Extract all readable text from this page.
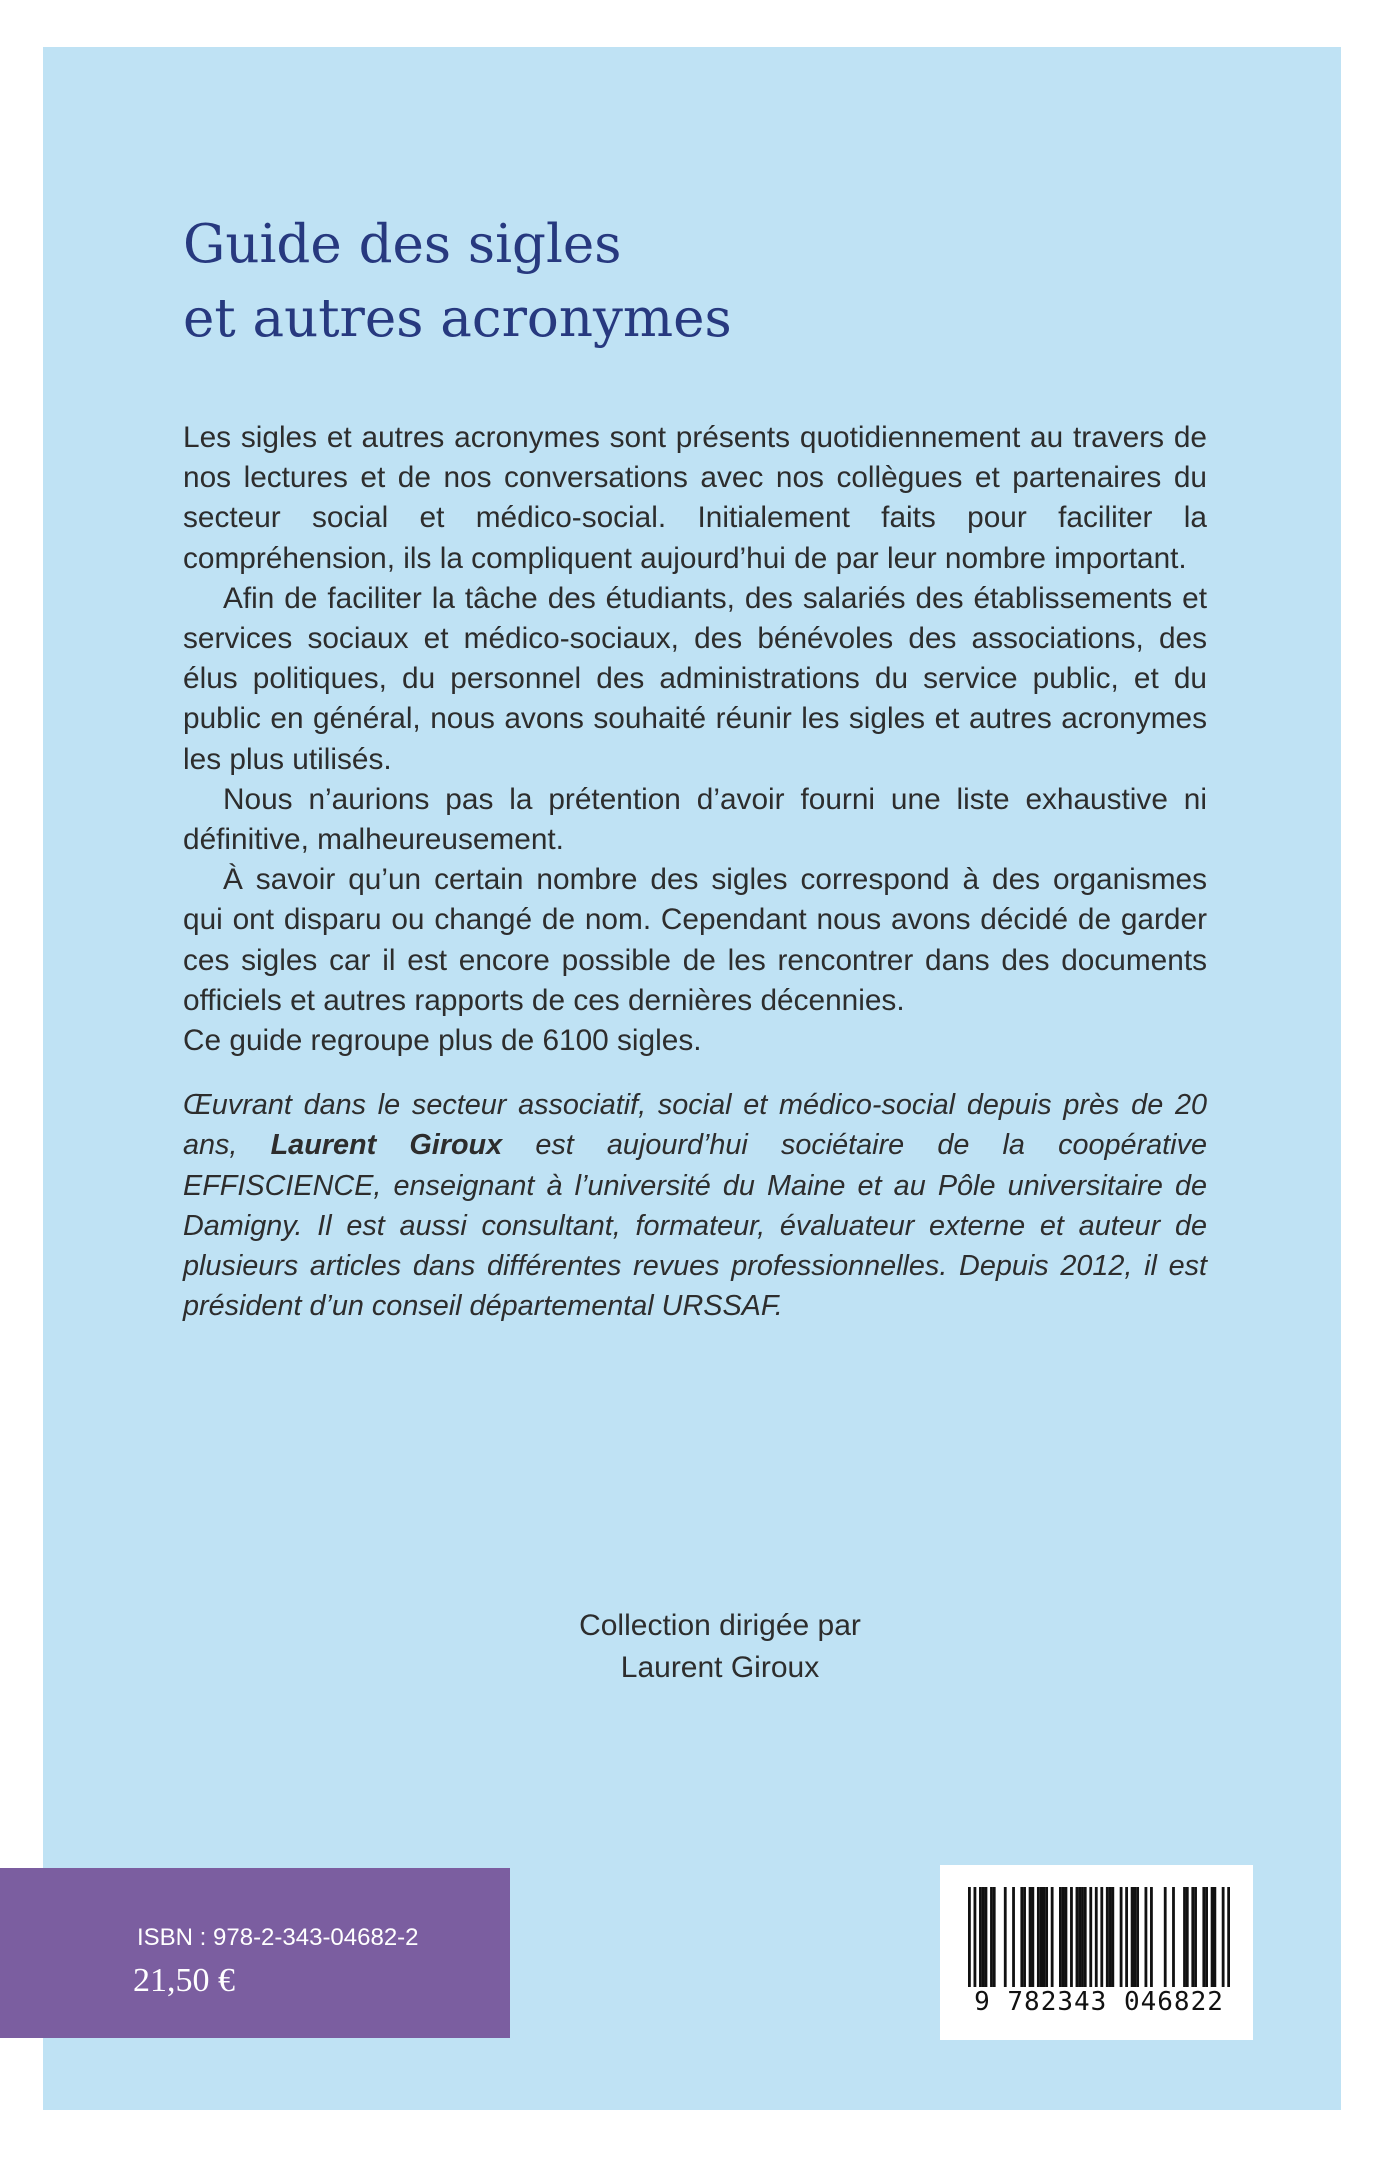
Guide des sigles
et autres acronymes

Les sigles et autres acronymes sont présents quotidiennement au travers de nos lectures et de nos conversations avec nos collègues et partenaires du secteur social et médico-social. Initialement faits pour faciliter la compréhension, ils la compliquent aujourd’hui de par leur nombre important.

Afin de faciliter la tâche des étudiants, des salariés des établissements et services sociaux et médico-sociaux, des bénévoles des associations, des élus politiques, du personnel des administrations du service public, et du public en général, nous avons souhaité réunir les sigles et autres acronymes les plus utilisés.

Nous n’aurions pas la prétention d’avoir fourni une liste exhaustive ni définitive, malheureusement.

À savoir qu’un certain nombre des sigles correspond à des organismes qui ont disparu ou changé de nom. Cependant nous avons décidé de garder ces sigles car il est encore possible de les rencontrer dans des documents officiels et autres rapports de ces dernières décennies.

Ce guide regroupe plus de 6100 sigles.

Œuvrant dans le secteur associatif, social et médico-social depuis près de 20 ans, Laurent Giroux est aujourd’hui sociétaire de la coopérative EFFISCIENCE, enseignant à l’université du Maine et au Pôle universitaire de Damigny. Il est aussi consultant, formateur, évaluateur externe et auteur de plusieurs articles dans différentes revues professionnelles. Depuis 2012, il est président d’un conseil départemental URSSAF.

Collection dirigée par
Laurent Giroux
ISBN : 978-2-343-04682-2
21,50 €
9 782343 046822
